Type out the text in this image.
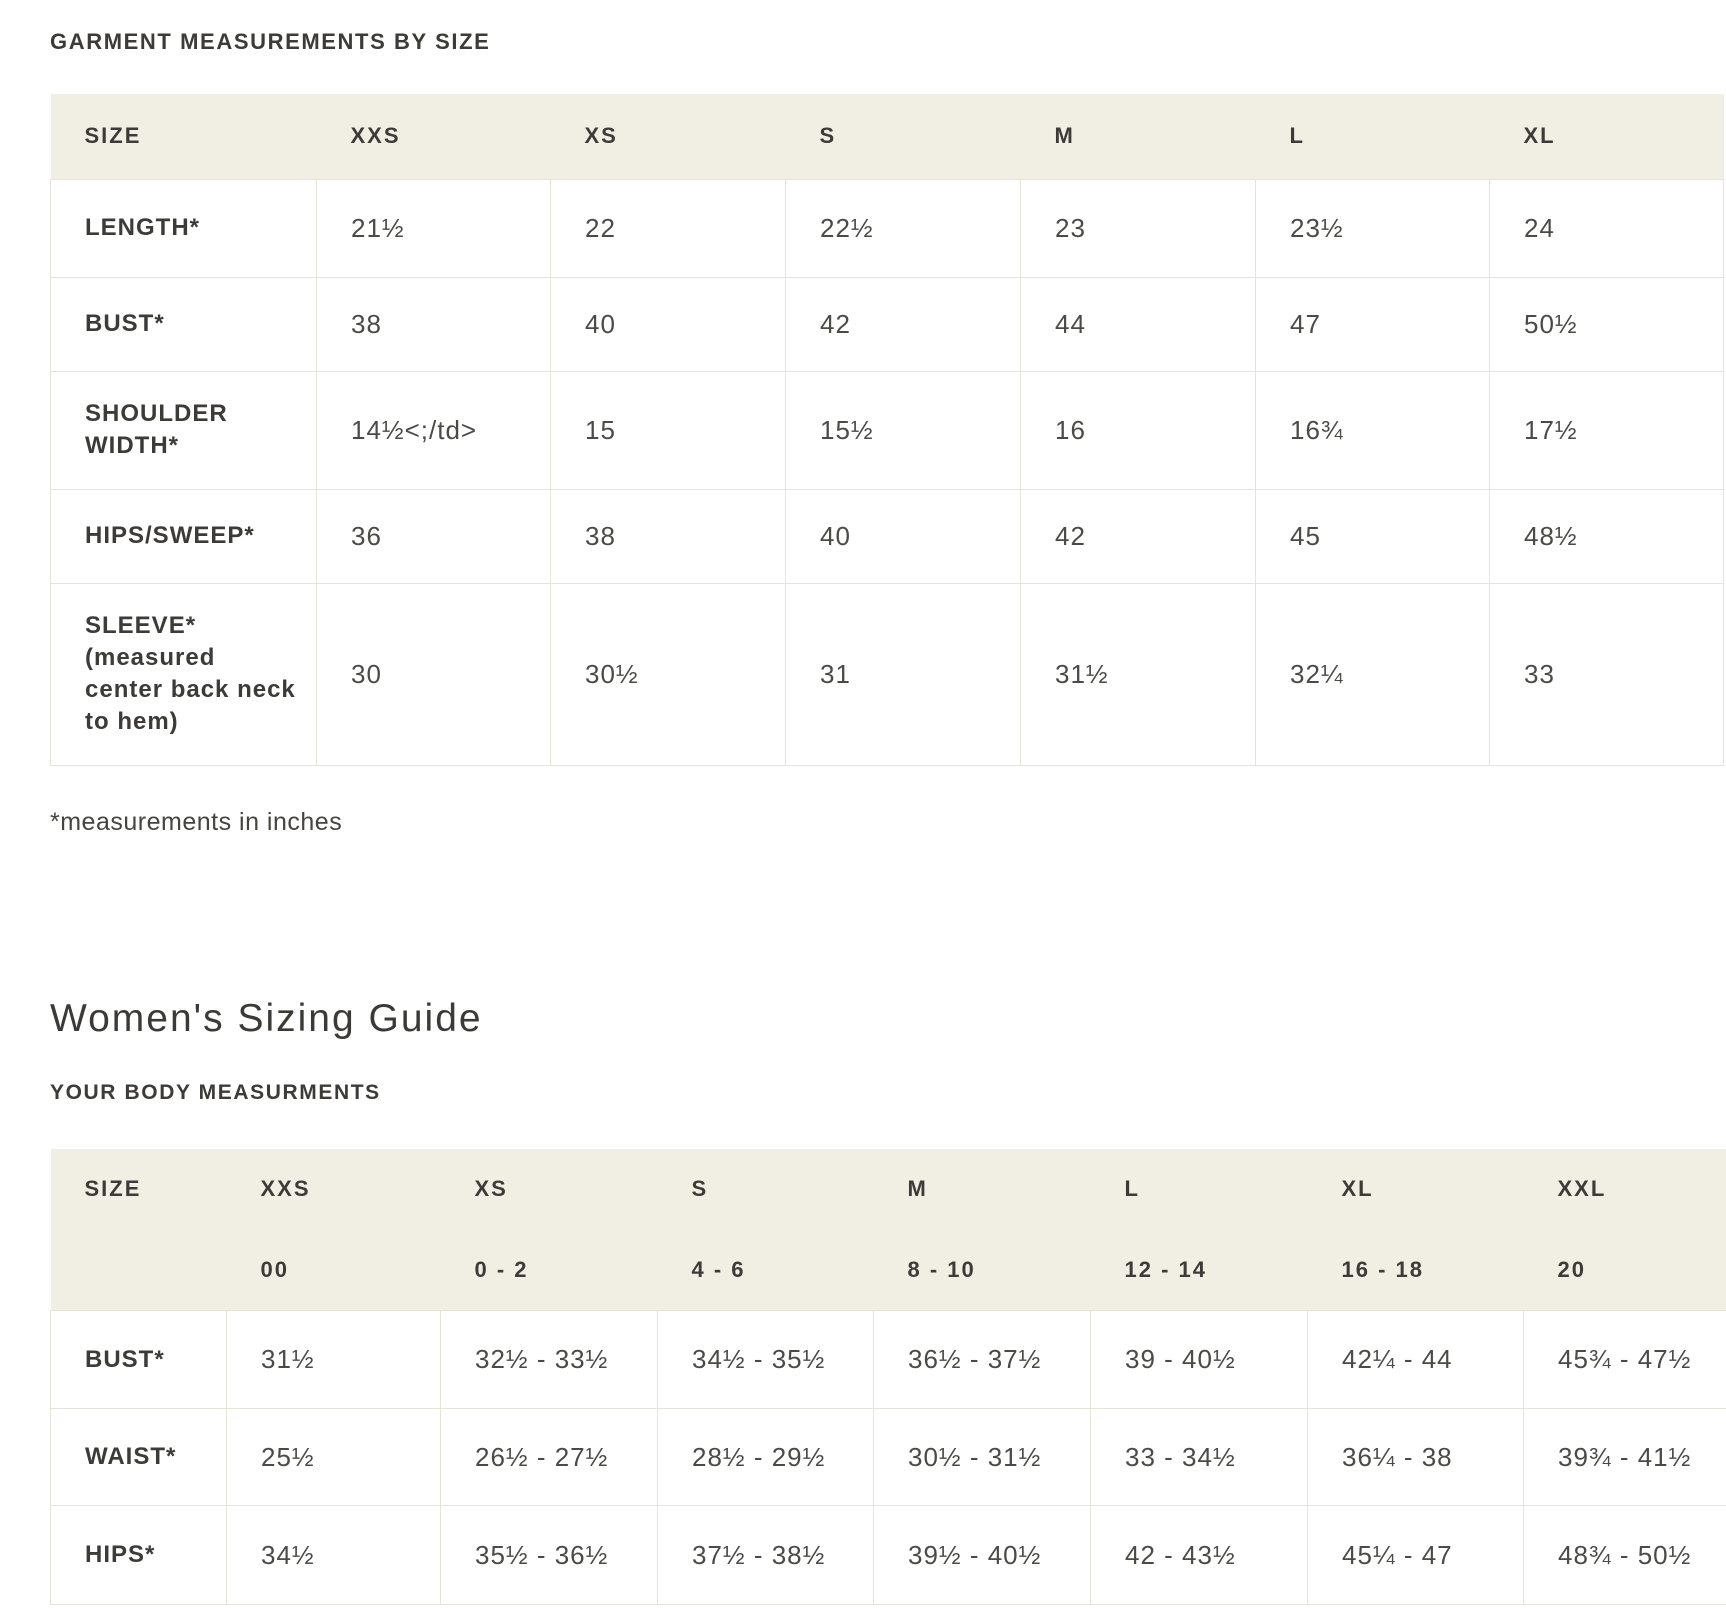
GARMENT MEASUREMENTS BY SIZE
SIZE	XXS	XS	S	M	L	XL
LENGTH*	21½	22	22½	23	23½	24
BUST*	38	40	42	44	47	50½
SHOULDER WIDTH*	14½<;/td>	15	15½	16	16¾	17½
HIPS/SWEEP*	36	38	40	42	45	48½
SLEEVE*
(measured center back neck to hem)	30	30½	31	31½	32¼	33
*measurements in inches
Women's Sizing Guide
YOUR BODY MEASURMENTS
SIZE	XXS	XS	S	M	L	XL	XXL
	00	0 - 2	4 - 6	8 - 10	12 - 14	16 - 18	20
BUST*	31½	32½ - 33½	34½ - 35½	36½ - 37½	39 - 40½	42¼ - 44	45¾ - 47½
WAIST*	25½	26½ - 27½	28½ - 29½	30½ - 31½	33 - 34½	36¼ - 38	39¾ - 41½
HIPS*	34½	35½ - 36½	37½ - 38½	39½ - 40½	42 - 43½	45¼ - 47	48¾ - 50½
